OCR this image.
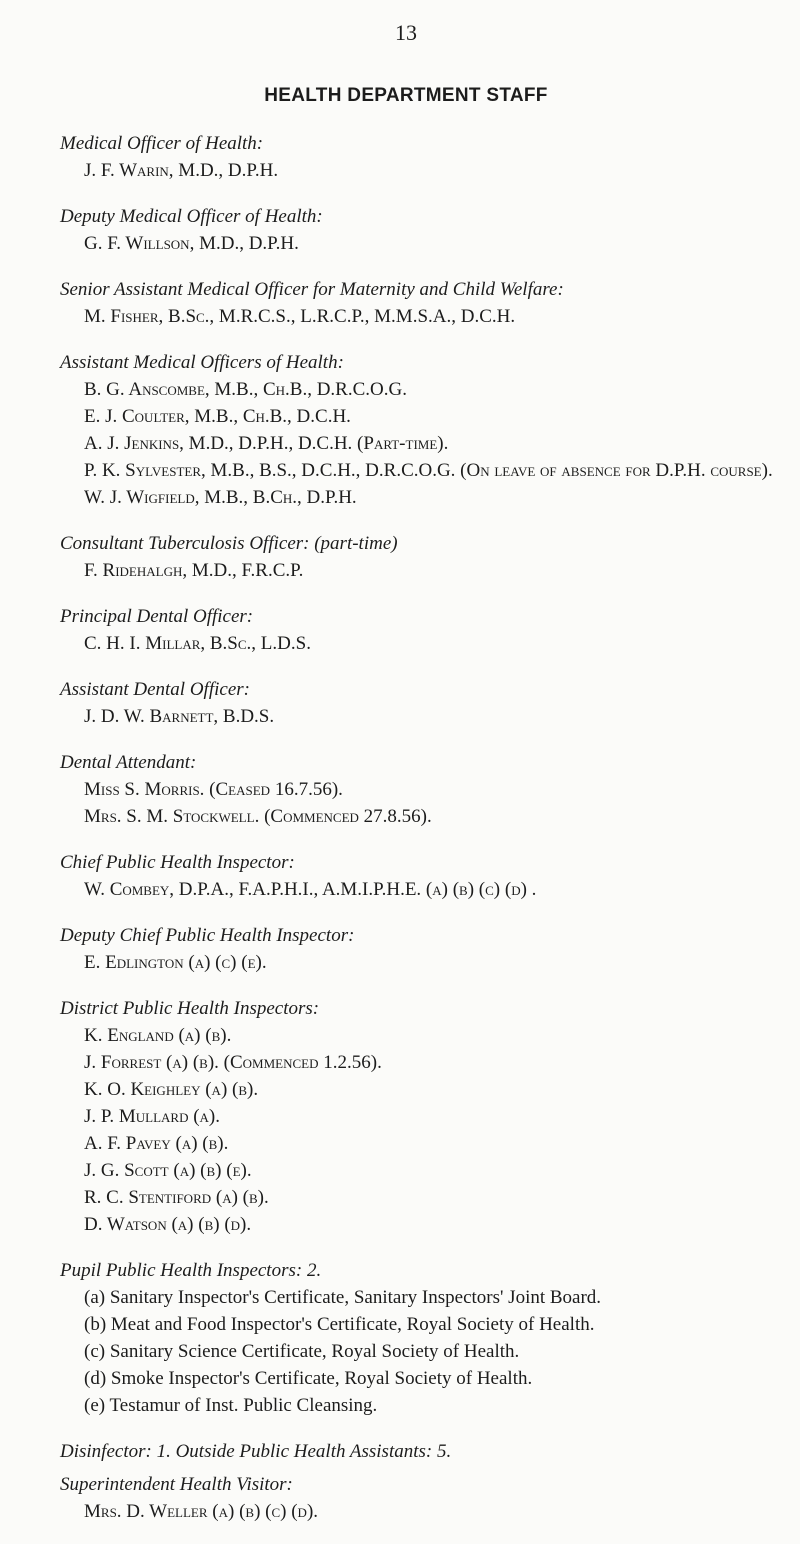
13
HEALTH DEPARTMENT STAFF
Medical Officer of Health:
J. F. Warin, M.D., D.P.H.
Deputy Medical Officer of Health:
G. F. Willson, M.D., D.P.H.
Senior Assistant Medical Officer for Maternity and Child Welfare:
M. Fisher, B.Sc., M.R.C.S., L.R.C.P., M.M.S.A., D.C.H.
Assistant Medical Officers of Health:
B. G. Anscombe, M.B., Ch.B., D.R.C.O.G.
E. J. Coulter, M.B., Ch.B., D.C.H.
A. J. Jenkins, M.D., D.P.H., D.C.H. (Part-time).
P. K. Sylvester, M.B., B.S., D.C.H., D.R.C.O.G. (On leave of absence for D.P.H. course).
W. J. Wigfield, M.B., B.Ch., D.P.H.
Consultant Tuberculosis Officer: (part-time)
F. Ridehalgh, M.D., F.R.C.P.
Principal Dental Officer:
C. H. I. Millar, B.Sc., L.D.S.
Assistant Dental Officer:
J. D. W. Barnett, B.D.S.
Dental Attendant:
Miss S. Morris. (Ceased 16.7.56).
Mrs. S. M. Stockwell. (Commenced 27.8.56).
Chief Public Health Inspector:
W. Combey, D.P.A., F.A.P.H.I., A.M.I.P.H.E. (a) (b) (c) (d) .
Deputy Chief Public Health Inspector:
E. Edlington (a) (c) (e).
District Public Health Inspectors:
K. England (a) (b).
J. Forrest (a) (b). (Commenced 1.2.56).
K. O. Keighley (a) (b).
J. P. Mullard (a).
A. F. Pavey (a) (b).
J. G. Scott (a) (b) (e).
R. C. Stentiford (a) (b).
D. Watson (a) (b) (d).
Pupil Public Health Inspectors: 2.
(a) Sanitary Inspector's Certificate, Sanitary Inspectors' Joint Board.
(b) Meat and Food Inspector's Certificate, Royal Society of Health.
(c) Sanitary Science Certificate, Royal Society of Health.
(d) Smoke Inspector's Certificate, Royal Society of Health.
(e) Testamur of Inst. Public Cleansing.
Disinfector: 1. Outside Public Health Assistants: 5.
Superintendent Health Visitor:
Mrs. D. Weller (a) (b) (c) (d).
